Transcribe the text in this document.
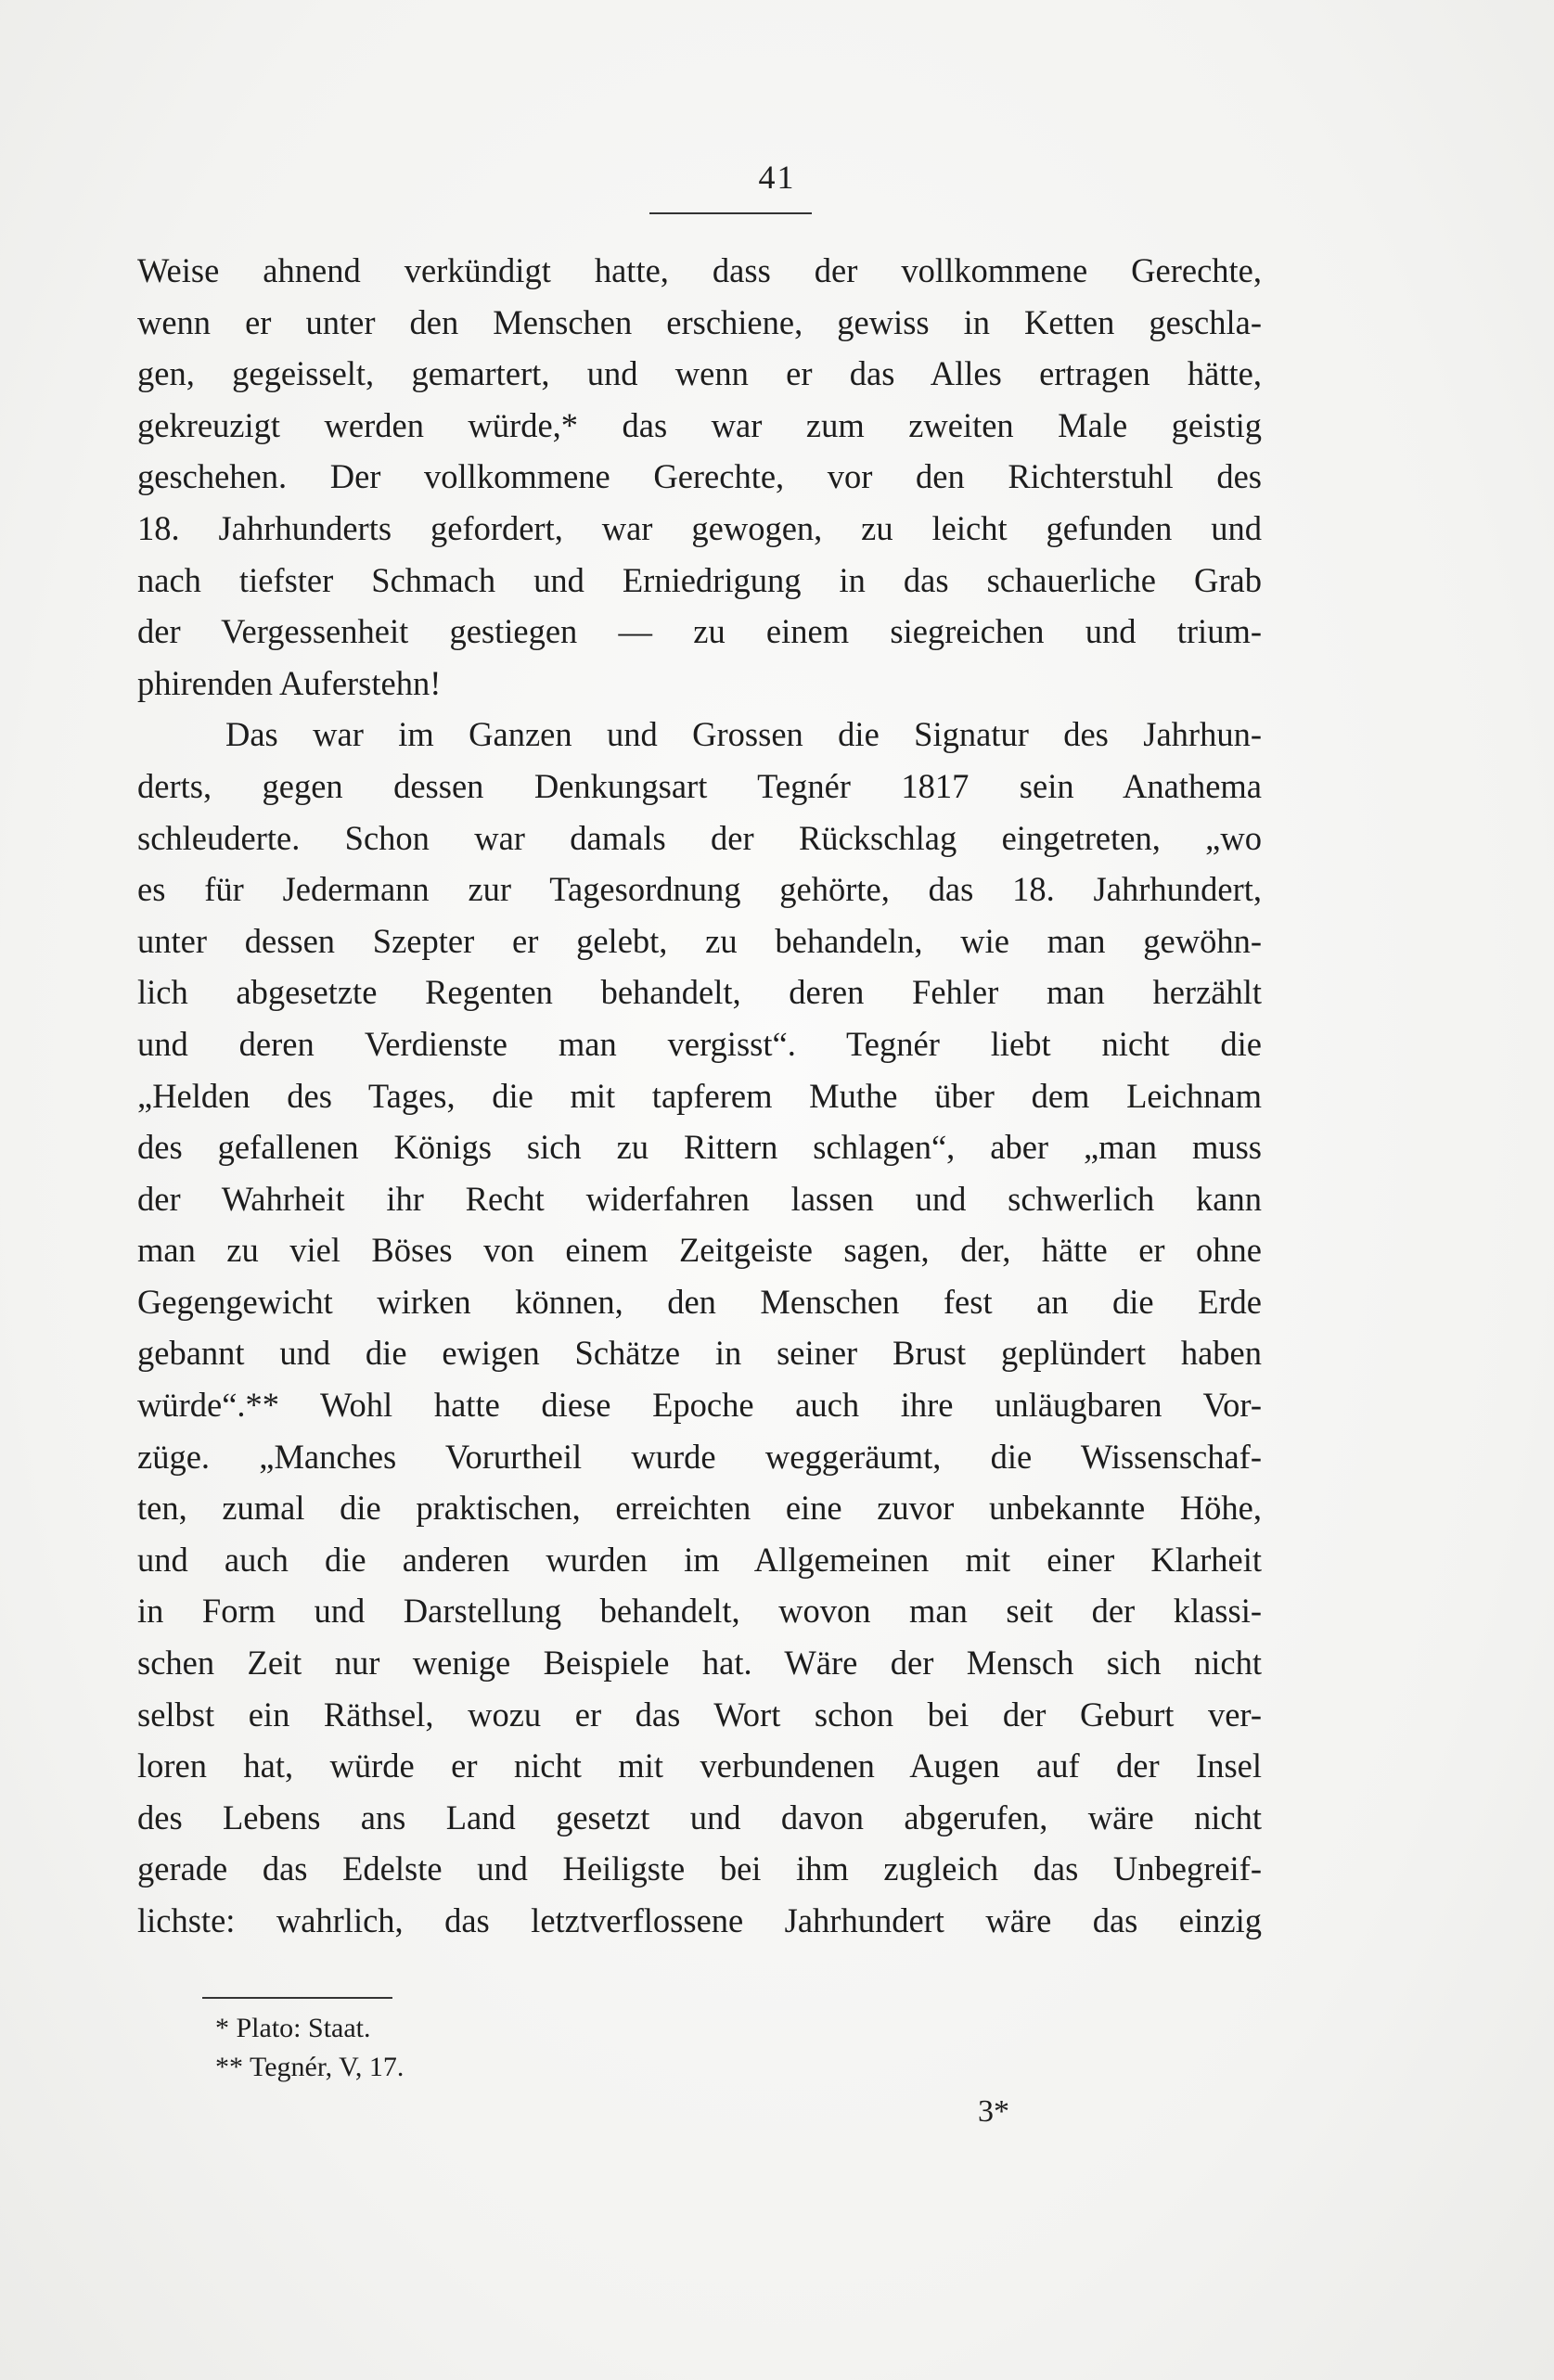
41
Weise ahnend verkündigt hatte, dass der vollkommene Gerechte,
wenn er unter den Menschen erschiene, gewiss in Ketten geschla-
gen, gegeisselt, gemartert, und wenn er das Alles ertragen hätte,
gekreuzigt werden würde,* das war zum zweiten Male geistig
geschehen. Der vollkommene Gerechte, vor den Richterstuhl des
18. Jahrhunderts gefordert, war gewogen, zu leicht gefunden und
nach tiefster Schmach und Erniedrigung in das schauerliche Grab
der Vergessenheit gestiegen — zu einem siegreichen und trium-
phirenden Auferstehn!
Das war im Ganzen und Grossen die Signatur des Jahrhun-
derts, gegen dessen Denkungsart Tegnér 1817 sein Anathema
schleuderte. Schon war damals der Rückschlag eingetreten, „wo
es für Jedermann zur Tagesordnung gehörte, das 18. Jahrhundert,
unter dessen Szepter er gelebt, zu behandeln, wie man gewöhn-
lich abgesetzte Regenten behandelt, deren Fehler man herzählt
und deren Verdienste man vergisst“. Tegnér liebt nicht die
„Helden des Tages, die mit tapferem Muthe über dem Leichnam
des gefallenen Königs sich zu Rittern schlagen“, aber „man muss
der Wahrheit ihr Recht widerfahren lassen und schwerlich kann
man zu viel Böses von einem Zeitgeiste sagen, der, hätte er ohne
Gegengewicht wirken können, den Menschen fest an die Erde
gebannt und die ewigen Schätze in seiner Brust geplündert haben
würde“.** Wohl hatte diese Epoche auch ihre unläugbaren Vor-
züge. „Manches Vorurtheil wurde weggeräumt, die Wissenschaf-
ten, zumal die praktischen, erreichten eine zuvor unbekannte Höhe,
und auch die anderen wurden im Allgemeinen mit einer Klarheit
in Form und Darstellung behandelt, wovon man seit der klassi-
schen Zeit nur wenige Beispiele hat. Wäre der Mensch sich nicht
selbst ein Räthsel, wozu er das Wort schon bei der Geburt ver-
loren hat, würde er nicht mit verbundenen Augen auf der Insel
des Lebens ans Land gesetzt und davon abgerufen, wäre nicht
gerade das Edelste und Heiligste bei ihm zugleich das Unbegreif-
lichste: wahrlich, das letztverflossene Jahrhundert wäre das einzig
* Plato: Staat.
** Tegnér, V, 17.
3*
